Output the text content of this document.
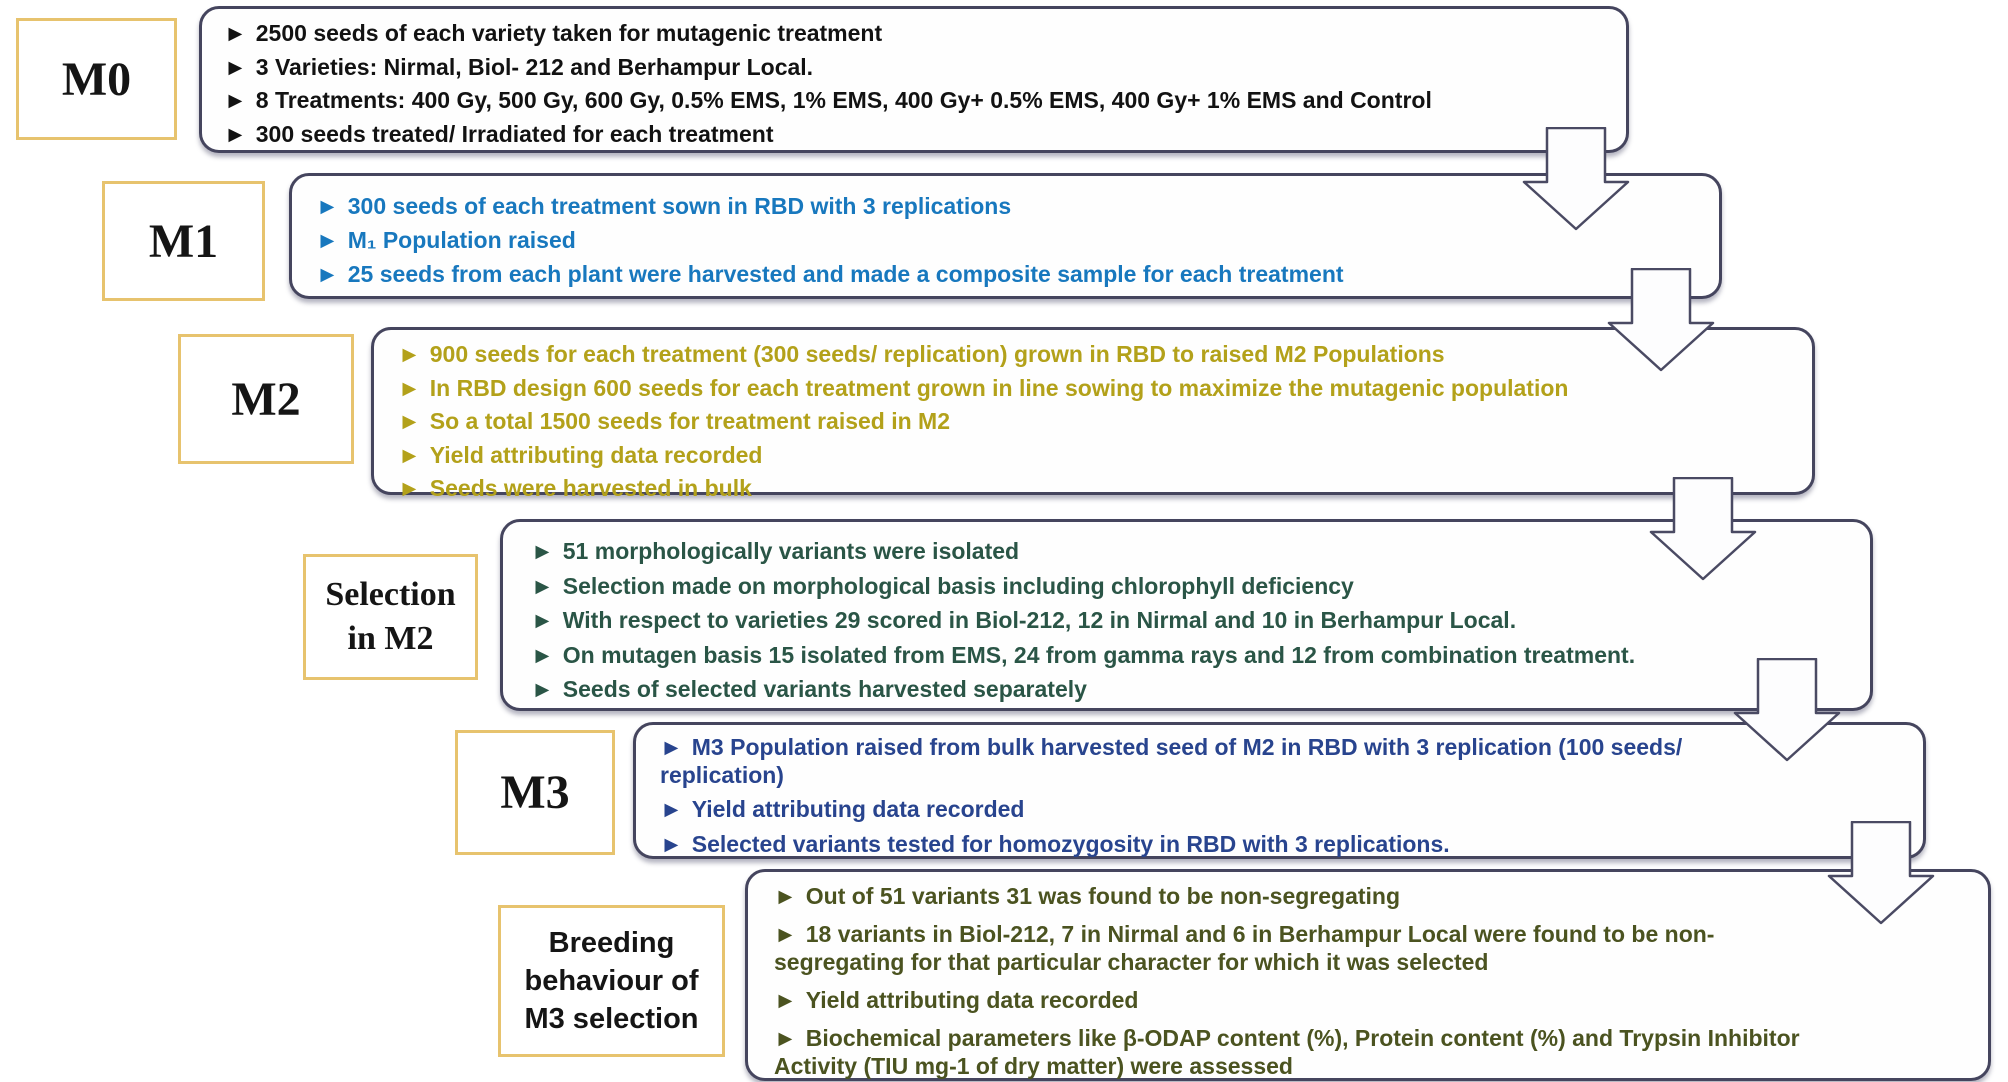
M0
► 2500 seeds of each variety taken for mutagenic treatment
► 3 Varieties: Nirmal, Biol- 212 and Berhampur Local.
► 8 Treatments: 400 Gy, 500 Gy, 600 Gy, 0.5% EMS, 1% EMS, 400 Gy+ 0.5% EMS, 400 Gy+ 1% EMS and Control
► 300 seeds treated/ Irradiated for each treatment
M1
► 300 seeds of each treatment sown in RBD with 3 replications
► M₁ Population raised
► 25 seeds from each plant were harvested and made a composite sample for each treatment
M2
► 900 seeds for each treatment (300 seeds/ replication) grown in RBD to raised M2 Populations
► In RBD design 600 seeds for each treatment grown in line sowing to maximize the mutagenic population
► So a total 1500 seeds for treatment raised in M2
► Yield attributing data recorded
► Seeds were harvested in bulk
Selection in M2
► 51 morphologically variants were isolated
► Selection made on morphological basis including chlorophyll deficiency
► With respect to varieties 29 scored in Biol-212, 12 in Nirmal and 10 in Berhampur Local.
► On mutagen basis 15 isolated from EMS, 24 from gamma rays and 12 from combination treatment.
► Seeds of selected variants harvested separately
M3
► M3 Population raised from bulk harvested seed of M2 in RBD with 3 replication (100 seeds/ replication)
► Yield attributing data recorded
► Selected variants tested for homozygosity in RBD with 3 replications.
Breeding behaviour of M3 selection
► Out of 51 variants 31 was found to be non-segregating
► 18 variants in Biol-212, 7 in Nirmal and 6 in Berhampur Local were found to be non-segregating for that particular character for which it was selected
► Yield attributing data recorded
► Biochemical parameters like β-ODAP content (%), Protein content (%) and Trypsin Inhibitor Activity (TIU mg-1 of dry matter) were assessed
